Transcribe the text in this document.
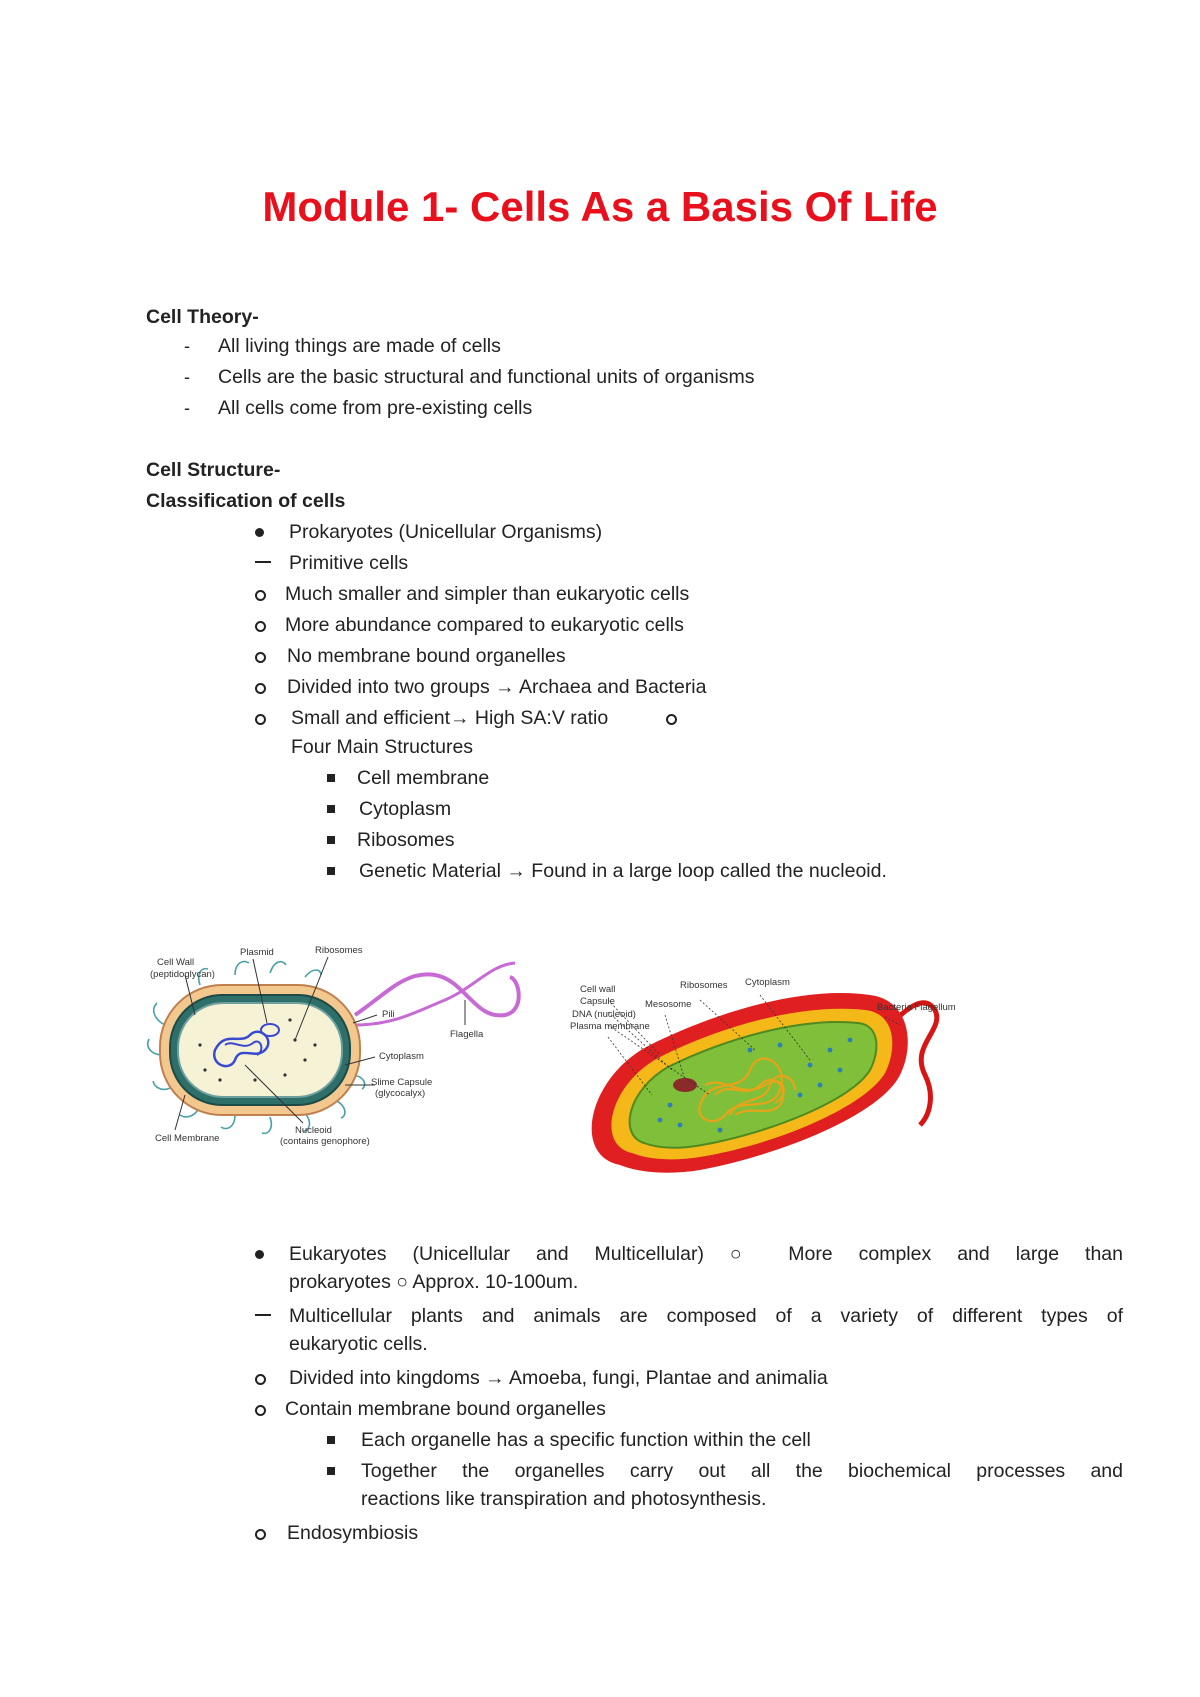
Module 1- Cells As a Basis Of Life
Cell Theory-
- All living things are made of cells
- Cells are the basic structural and functional units of organisms
- All cells come from pre-existing cells
Cell Structure-
Classification of cells
Prokaryotes (Unicellular Organisms)
Primitive cells
Much smaller and simpler than eukaryotic cells
More abundance compared to eukaryotic cells
No membrane bound organelles
Divided into two groups → Archaea and Bacteria
Small and efficient→ High SA:V ratio
Four Main Structures
Cell membrane
Cytoplasm
Ribosomes
Genetic Material → Found in a large loop called the nucleoid.
Cell Wall
(peptidoglycan)
Plasmid	Ribosomes
Pili
Flagella
Cytoplasm
Slime Capsule
(glycocalyx)
Nucleoid
(contains genophore)
Cell Membrane
Cell wall
Capsule
DNA (nucleoid)
Plasma membrane
Mesosome
Ribosomes Cytoplasm
Bacteria Flagellum
Eukaryotes (Unicellular and Multicellular) ○ More complex and large than
prokaryotes ○ Approx. 10-100um.
Multicellular plants and animals are composed of a variety of different types of
eukaryotic cells.
Divided into kingdoms → Amoeba, fungi, Plantae and animalia
Contain membrane bound organelles
Each organelle has a specific function within the cell
Together the organelles carry out all the biochemical processes and
reactions like transpiration and photosynthesis.
Endosymbiosis
